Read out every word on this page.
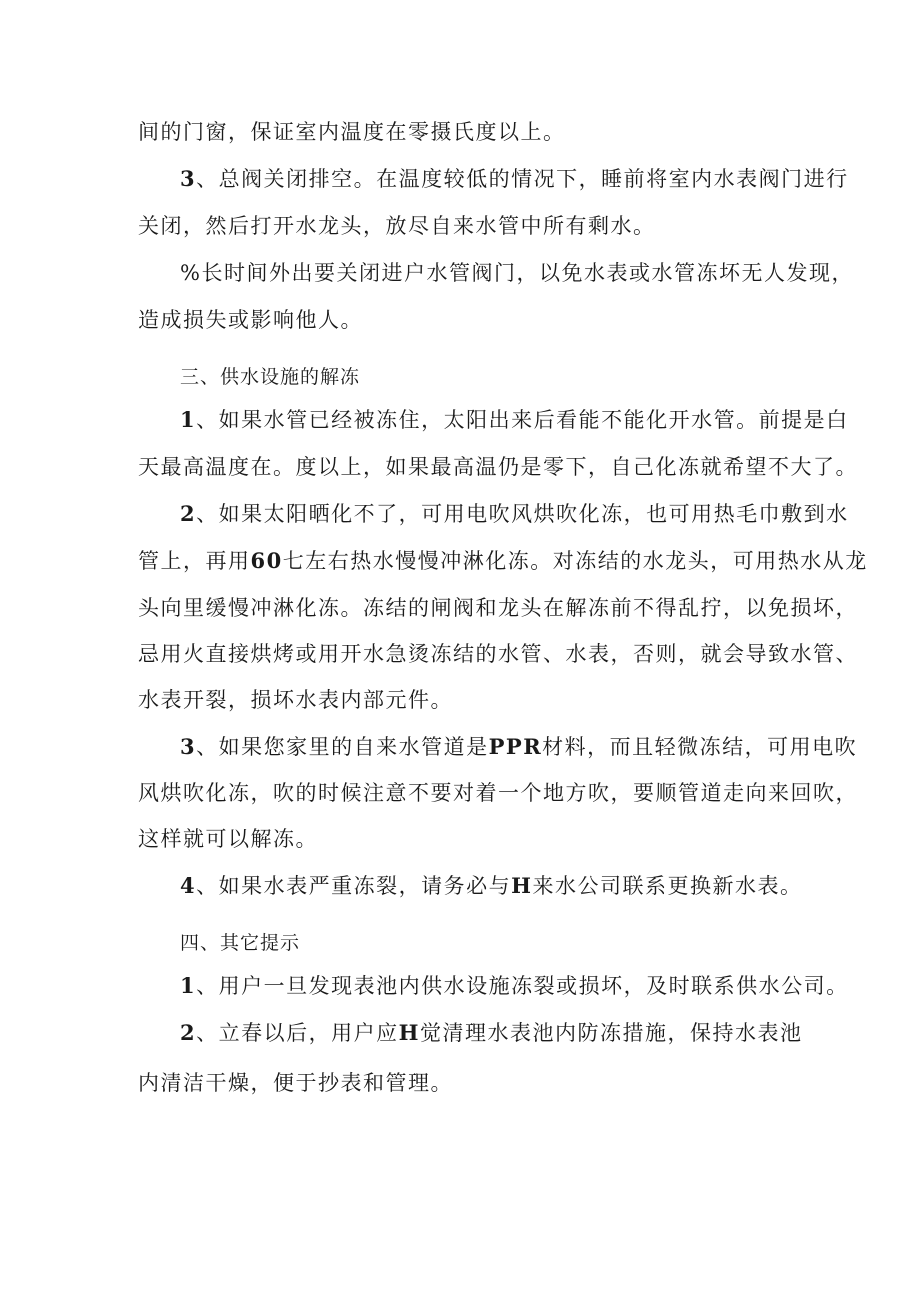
间的门窗，保证室内温度在零摄氏度以上。
3、总阀关闭排空。在温度较低的情况下，睡前将室内水表阀门进行
关闭，然后打开水龙头，放尽自来水管中所有剩水。
%长时间外出要关闭进户水管阀门，以免水表或水管冻坏无人发现，
造成损失或影响他人。
三、供水设施的解冻
1、如果水管已经被冻住，太阳出来后看能不能化开水管。前提是白
天最高温度在。度以上，如果最高温仍是零下，自己化冻就希望不大了。
2、如果太阳晒化不了，可用电吹风烘吹化冻，也可用热毛巾敷到水
管上，再用60七左右热水慢慢冲淋化冻。对冻结的水龙头，可用热水从龙
头向里缓慢冲淋化冻。冻结的闸阀和龙头在解冻前不得乱拧，以免损坏，
忌用火直接烘烤或用开水急烫冻结的水管、水表，否则，就会导致水管、
水表开裂，损坏水表内部元件。
3、如果您家里的自来水管道是PPR材料，而且轻微冻结，可用电吹
风烘吹化冻，吹的时候注意不要对着一个地方吹，要顺管道走向来回吹，
这样就可以解冻。
4、如果水表严重冻裂，请务必与H来水公司联系更换新水表。
四、其它提示
1、用户一旦发现表池内供水设施冻裂或损坏，及时联系供水公司。
2、立春以后，用户应H觉清理水表池内防冻措施，保持水表池
内清洁干燥，便于抄表和管理。
